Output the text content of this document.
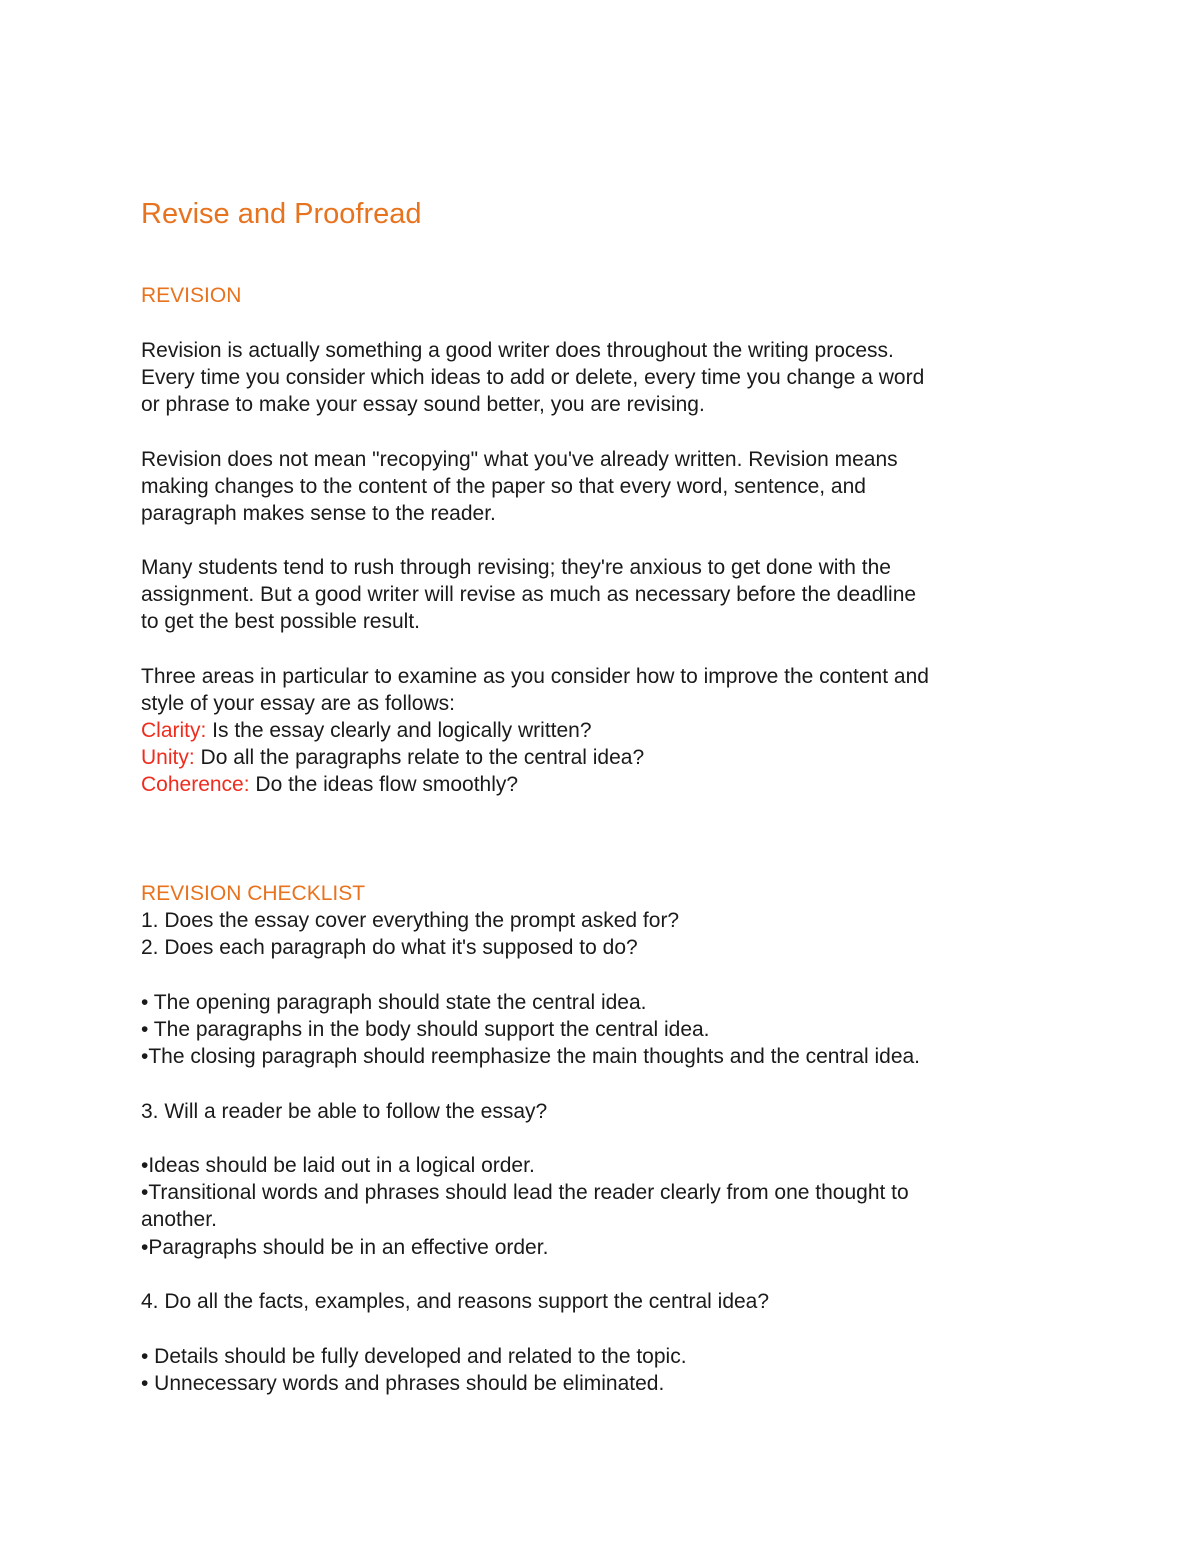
Revise and Proofread
REVISION
Revision is actually something a good writer does throughout the writing process.
Every time you consider which ideas to add or delete, every time you change a word
or phrase to make your essay sound better, you are revising.
Revision does not mean "recopying" what you've already written. Revision means
making changes to the content of the paper so that every word, sentence, and
paragraph makes sense to the reader.
Many students tend to rush through revising; they're anxious to get done with the
assignment. But a good writer will revise as much as necessary before the deadline
to get the best possible result.
Three areas in particular to examine as you consider how to improve the content and
style of your essay are as follows:
Clarity: Is the essay clearly and logically written?
Unity: Do all the paragraphs relate to the central idea?
Coherence: Do the ideas flow smoothly?
REVISION CHECKLIST
1. Does the essay cover everything the prompt asked for?
2. Does each paragraph do what it's supposed to do?
• The opening paragraph should state the central idea.
• The paragraphs in the body should support the central idea.
•The closing paragraph should reemphasize the main thoughts and the central idea.
3. Will a reader be able to follow the essay?
•Ideas should be laid out in a logical order.
•Transitional words and phrases should lead the reader clearly from one thought to
another.
•Paragraphs should be in an effective order.
4. Do all the facts, examples, and reasons support the central idea?
• Details should be fully developed and related to the topic.
• Unnecessary words and phrases should be eliminated.
